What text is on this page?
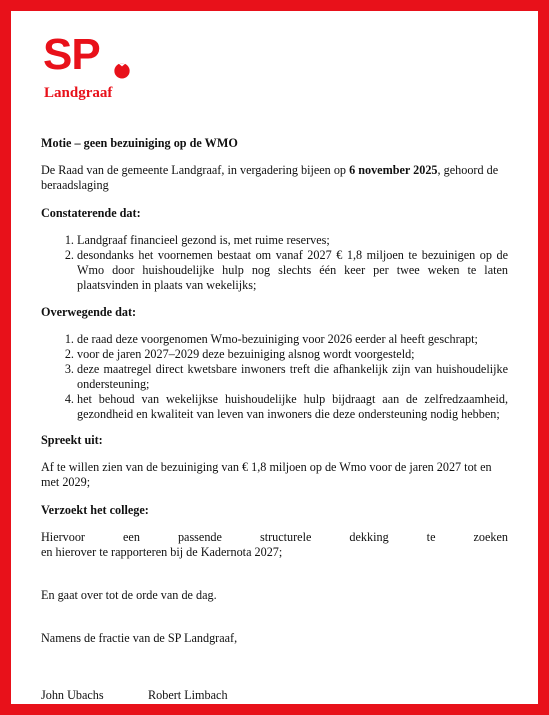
SP
Landgraaf

Motie – geen bezuiniging op de WMO

De Raad van de gemeente Landgraaf, in vergadering bijeen op 6 november 2025, gehoord de beraadslaging

Constaterende dat:

1. Landgraaf financieel gezond is, met ruime reserves;
2. desondanks het voornemen bestaat om vanaf 2027 € 1,8 miljoen te bezuinigen op de Wmo door huishoudelijke hulp nog slechts één keer per twee weken te laten plaatsvinden in plaats van wekelijks;

Overwegende dat:

1. de raad deze voorgenomen Wmo-bezuiniging voor 2026 eerder al heeft geschrapt;
2. voor de jaren 2027–2029 deze bezuiniging alsnog wordt voorgesteld;
3. deze maatregel direct kwetsbare inwoners treft die afhankelijk zijn van huishoudelijke ondersteuning;
4. het behoud van wekelijkse huishoudelijke hulp bijdraagt aan de zelfredzaamheid, gezondheid en kwaliteit van leven van inwoners die deze ondersteuning nodig hebben;

Spreekt uit:

Af te willen zien van de bezuiniging van € 1,8 miljoen op de Wmo voor de jaren 2027 tot en met 2029;

Verzoekt het college:

Hiervoor een passende structurele dekking te zoeken

en hierover te rapporteren bij de Kadernota 2027;

En gaat over tot de orde van de dag.

Namens de fractie van de SP Landgraaf,

John Ubachs	Robert Limbach
